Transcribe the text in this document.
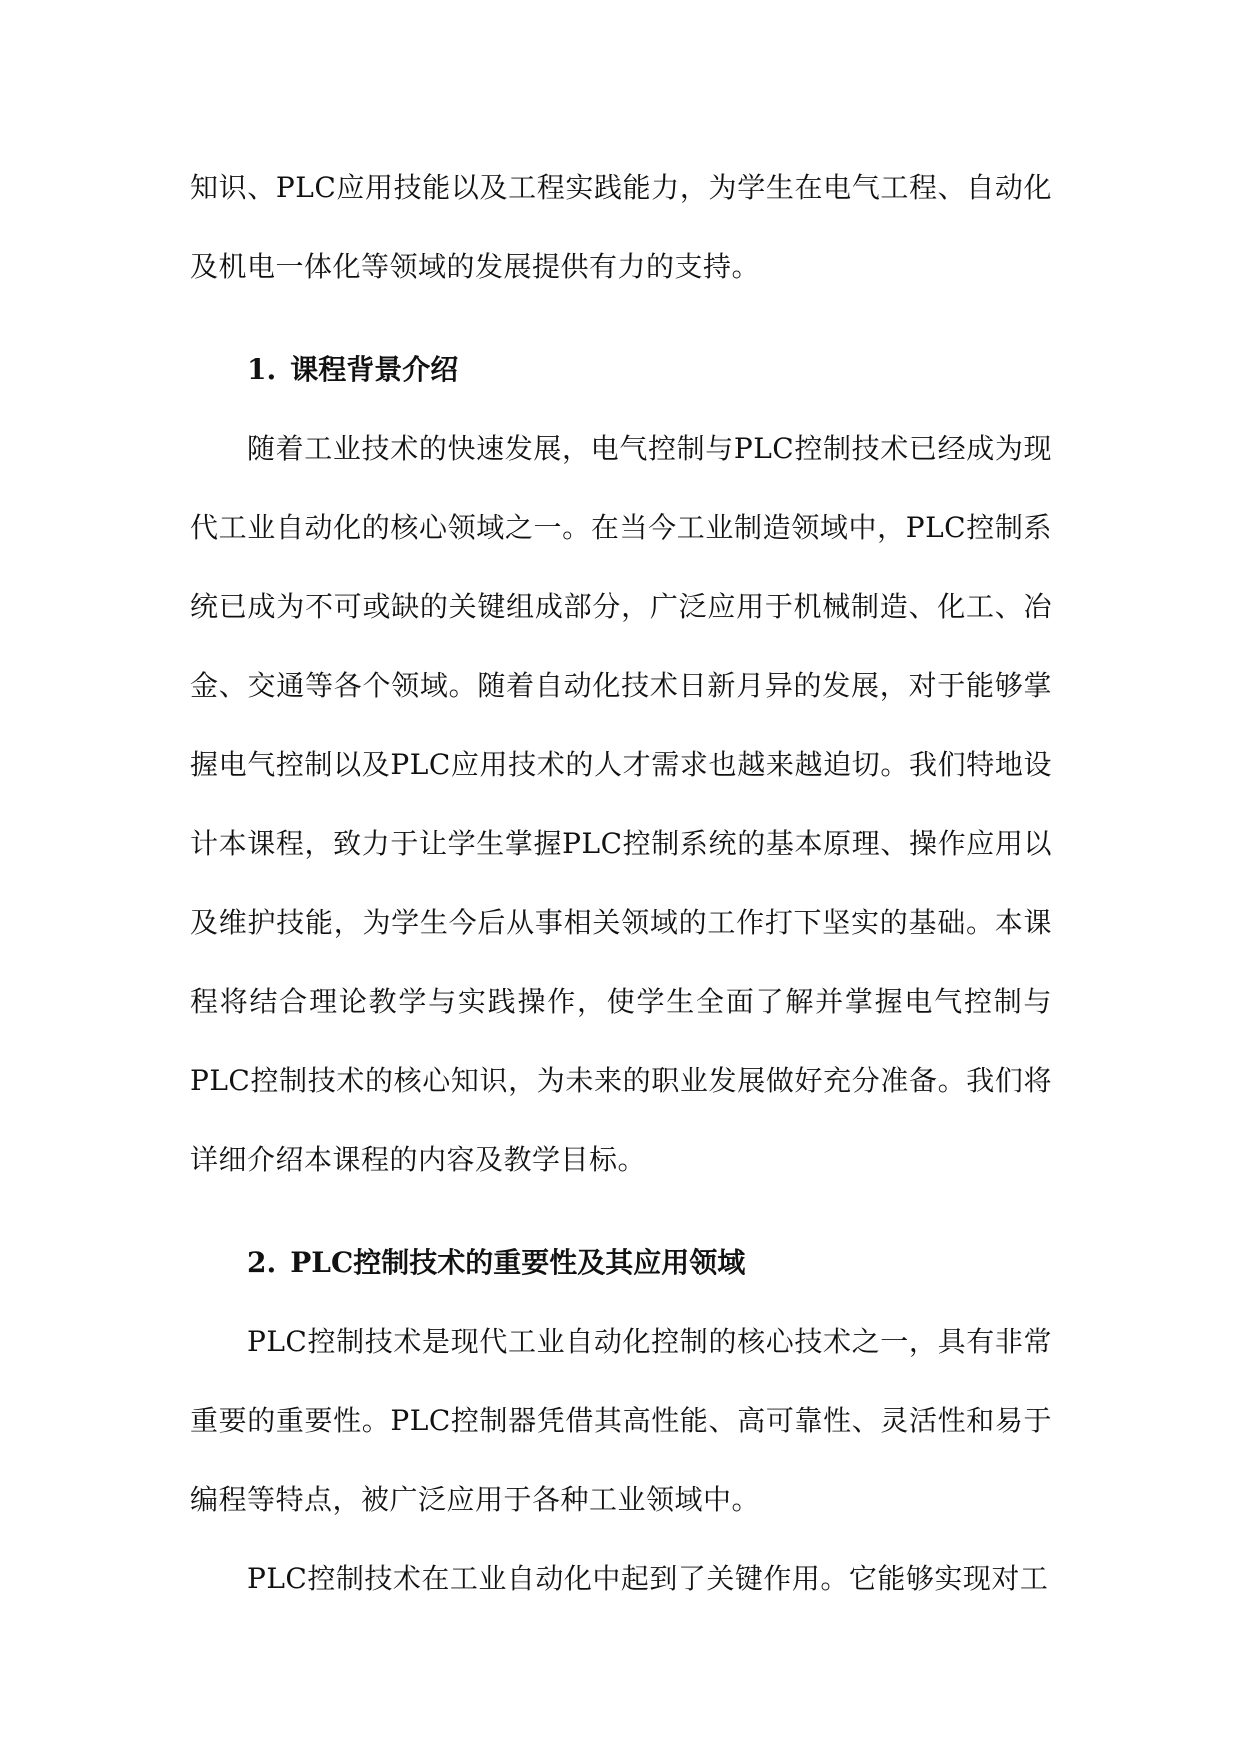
知识、PLC应用技能以及工程实践能力，为学生在电气工程、自动化及机电一体化等领域的发展提供有力的支持。

1. 课程背景介绍

随着工业技术的快速发展，电气控制与PLC控制技术已经成为现代工业自动化的核心领域之一。在当今工业制造领域中，PLC控制系统已成为不可或缺的关键组成部分，广泛应用于机械制造、化工、冶金、交通等各个领域。随着自动化技术日新月异的发展，对于能够掌握电气控制以及PLC应用技术的人才需求也越来越迫切。我们特地设计本课程，致力于让学生掌握PLC控制系统的基本原理、操作应用以及维护技能，为学生今后从事相关领域的工作打下坚实的基础。本课程将结合理论教学与实践操作，使学生全面了解并掌握电气控制与PLC控制技术的核心知识，为未来的职业发展做好充分准备。我们将详细介绍本课程的内容及教学目标。

2. PLC控制技术的重要性及其应用领域

PLC控制技术是现代工业自动化控制的核心技术之一，具有非常重要的重要性。PLC控制器凭借其高性能、高可靠性、灵活性和易于编程等特点，被广泛应用于各种工业领域中。

PLC控制技术在工业自动化中起到了关键作用。它能够实现对工
